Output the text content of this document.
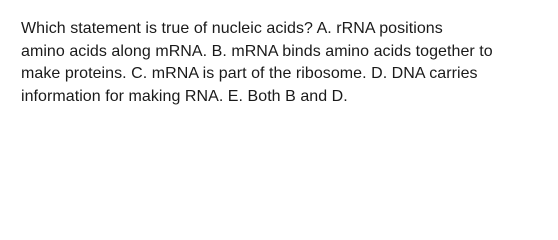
Which statement is true of nucleic acids? A. rRNA positions
amino acids along mRNA. B. mRNA binds amino acids together to
make proteins. C. mRNA is part of the ribosome. D. DNA carries
information for making RNA. E. Both B and D.
